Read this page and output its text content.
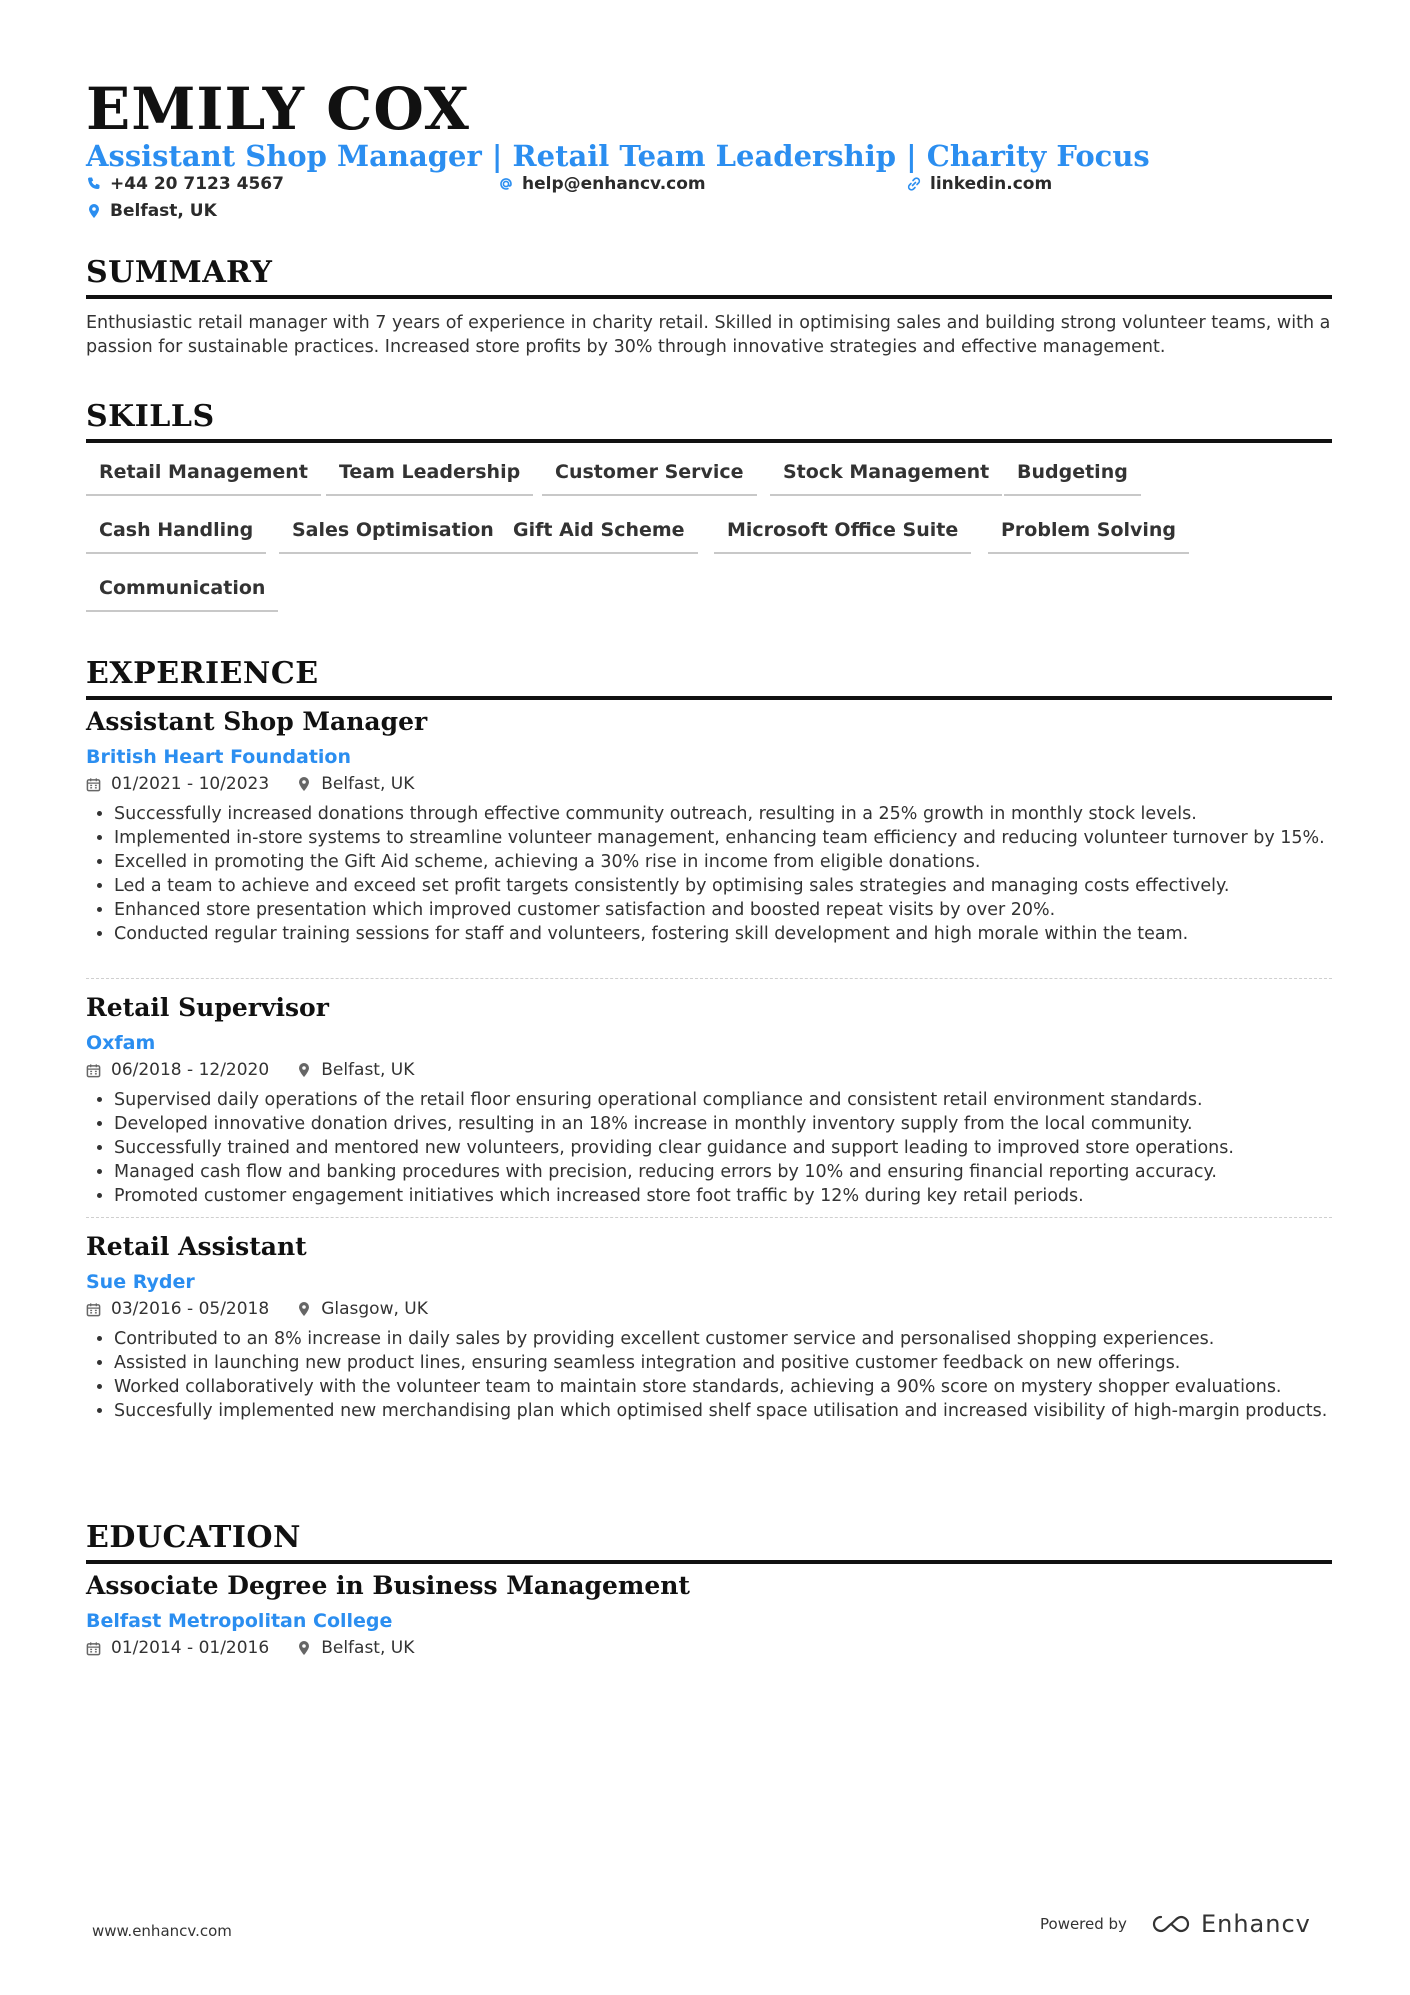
EMILY COX
Assistant Shop Manager | Retail Team Leadership | Charity Focus
+44 20 7123 4567	help@enhancv.com	linkedin.com
Belfast, UK
SUMMARY

Enthusiastic retail manager with 7 years of experience in charity retail. Skilled in optimising sales and building strong volunteer teams, with a passion for sustainable practices. Increased store profits by 30% through innovative strategies and effective management.

SKILLS
Retail Management	Team Leadership	Customer Service	Stock Management	Budgeting
Cash Handling	Sales Optimisation	Gift Aid Scheme	Microsoft Office Suite	Problem Solving
Communication
EXPERIENCE
Assistant Shop Manager
British Heart Foundation
01/2021 - 10/2023	Belfast, UK
• Successfully increased donations through effective community outreach, resulting in a 25% growth in monthly stock levels.
• Implemented in-store systems to streamline volunteer management, enhancing team efficiency and reducing volunteer turnover by 15%.
• Excelled in promoting the Gift Aid scheme, achieving a 30% rise in income from eligible donations.
• Led a team to achieve and exceed set profit targets consistently by optimising sales strategies and managing costs effectively.
• Enhanced store presentation which improved customer satisfaction and boosted repeat visits by over 20%.
• Conducted regular training sessions for staff and volunteers, fostering skill development and high morale within the team.
Retail Supervisor
Oxfam
06/2018 - 12/2020	Belfast, UK
• Supervised daily operations of the retail floor ensuring operational compliance and consistent retail environment standards.
• Developed innovative donation drives, resulting in an 18% increase in monthly inventory supply from the local community.
• Successfully trained and mentored new volunteers, providing clear guidance and support leading to improved store operations.
• Managed cash flow and banking procedures with precision, reducing errors by 10% and ensuring financial reporting accuracy.
• Promoted customer engagement initiatives which increased store foot traffic by 12% during key retail periods.
Retail Assistant
Sue Ryder
03/2016 - 05/2018	Glasgow, UK
• Contributed to an 8% increase in daily sales by providing excellent customer service and personalised shopping experiences.
• Assisted in launching new product lines, ensuring seamless integration and positive customer feedback on new offerings.
• Worked collaboratively with the volunteer team to maintain store standards, achieving a 90% score on mystery shopper evaluations.
• Succesfully implemented new merchandising plan which optimised shelf space utilisation and increased visibility of high-margin products.
EDUCATION
Associate Degree in Business Management
Belfast Metropolitan College
01/2014 - 01/2016	Belfast, UK
www.enhancv.com	Powered by	Enhancv
